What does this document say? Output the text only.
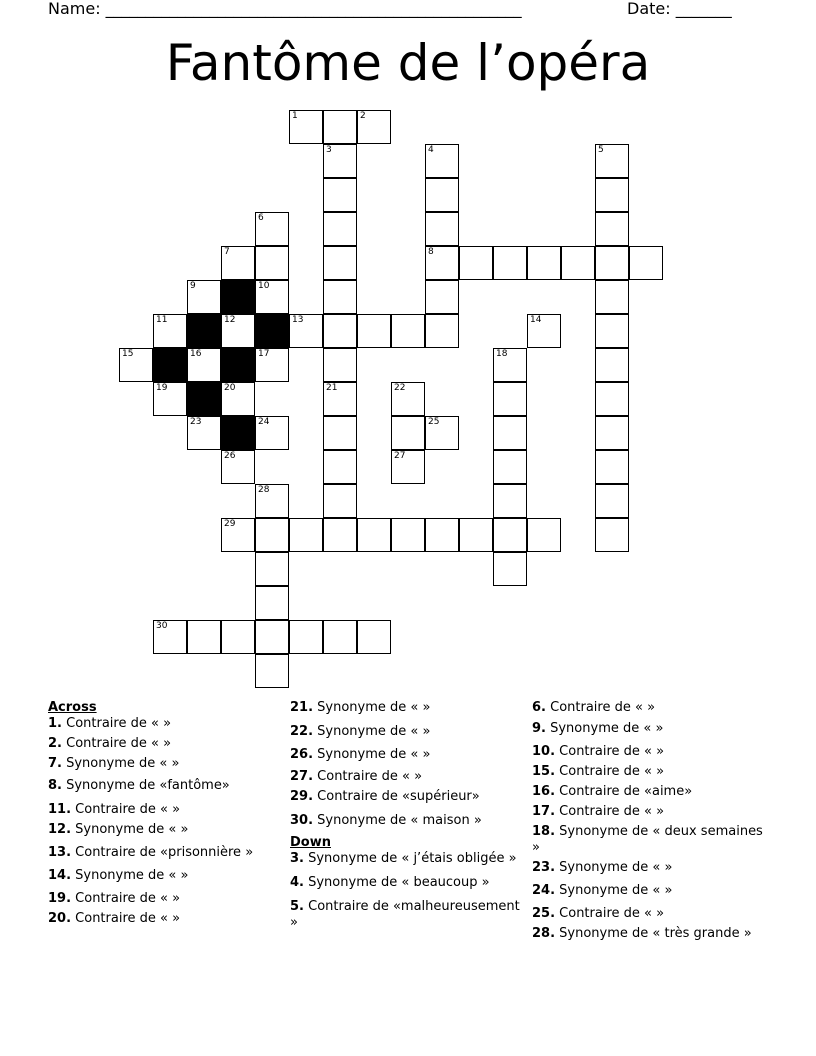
Name: ____________________________________________________	Date: _______
Fantôme de l’opéra
1	2
3	4	5
6
7	8
9	10
11	12	13	14
15	16	17	18
19	20	21	22
23	24	25
26	27
28
29
30
Across
1. Contraire de « »
2. Contraire de « »
7. Synonyme de « »
8. Synonyme de «fantôme»
11. Contraire de « »
12. Synonyme de « »
13. Contraire de «prisonnière »
14. Synonyme de « »
19. Contraire de « »
20. Contraire de « »
21. Synonyme de « »
22. Synonyme de « »
26. Synonyme de « »
27. Contraire de « »
29. Contraire de «supérieur»
30. Synonyme de « maison »
Down
3. Synonyme de « j’étais obligée »
4. Synonyme de « beaucoup »
5. Contraire de «malheureusement »
6. Contraire de « »
9. Synonyme de « »
10. Contraire de « »
15. Contraire de « »
16. Contraire de «aime»
17. Contraire de « »
18. Synonyme de « deux semaines »
23. Synonyme de « »
24. Synonyme de « »
25. Contraire de « »
28. Synonyme de « très grande »
